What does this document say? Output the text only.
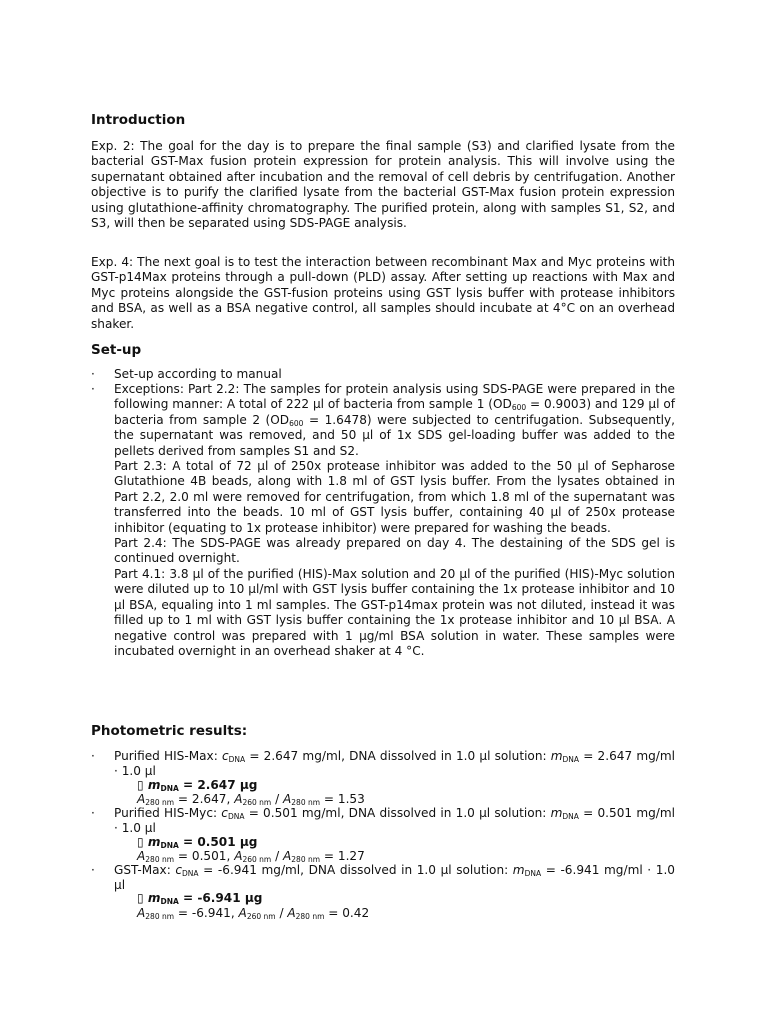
Introduction

Exp. 2: The goal for the day is to prepare the final sample (S3) and clarified lysate from the bacterial GST-Max fusion protein expression for protein analysis. This will involve using the supernatant obtained after incubation and the removal of cell debris by centrifugation. Another objective is to purify the clarified lysate from the bacterial GST-Max fusion protein expression using glutathione-affinity chromatography. The purified protein, along with samples S1, S2, and S3, will then be separated using SDS-PAGE analysis.

Exp. 4: The next goal is to test the interaction between recombinant Max and Myc proteins with GST-p14Max proteins through a pull-down (PLD) assay. After setting up reactions with Max and Myc proteins alongside the GST-fusion proteins using GST lysis buffer with protease inhibitors and BSA, as well as a BSA negative control, all samples should incubate at 4°C on an overhead shaker.

Set-up
· Set-up according to manual
· Exceptions: Part 2.2: The samples for protein analysis using SDS-PAGE were prepared in the following manner: A total of 222 µl of bacteria from sample 1 $(OD_{600} = 0.9003)$ and 129 µl of bacteria from sample 2 $(OD_{600} = 1.6478)$ were subjected to centrifugation. Subsequently, the supernatant was removed, and 50 µl of 1x SDS gel-loading buffer was added to the pellets derived from samples S1 and S2.
Part 2.3: A total of 72 µl of 250x protease inhibitor was added to the 50 µl of Sepharose Glutathione 4B beads, along with 1.8 ml of GST lysis buffer. From the lysates obtained in Part 2.2, 2.0 ml were removed for centrifugation, from which 1.8 ml of the supernatant was transferred into the beads. 10 ml of GST lysis buffer, containing 40 µl of 250x protease inhibitor (equating to 1x protease inhibitor) were prepared for washing the beads.
Part 2.4: The SDS-PAGE was already prepared on day 4. The destaining of the SDS gel is continued overnight.
Part 4.1: 3.8 µl of the purified (HIS)-Max solution and 20 µl of the purified (HIS)-Myc solution were diluted up to 10 µl/ml with GST lysis buffer containing the 1x protease inhibitor and 10 µl BSA, equaling into 1 ml samples. The GST-p14max protein was not diluted, instead it was filled up to 1 ml with GST lysis buffer containing the 1x protease inhibitor and 10 µl BSA. A negative control was prepared with 1 µg/ml BSA solution in water. These samples were incubated overnight in an overhead shaker at 4 °C.
Photometric results:
· Purified HIS-Max: $c_{DNA} = 2.647$ mg/ml, DNA dissolved in 1.0 µl solution: $m_{DNA} = 2.647$ mg/ml · 1.0 µl
▯ $m_{DNA} = 2.647$ µg
$A_{280 nm} = 2.647$, $A_{260 nm} / A_{280 nm} = 1.53$
· Purified HIS-Myc: $c_{DNA} = 0.501$ mg/ml, DNA dissolved in 1.0 µl solution: $m_{DNA} = 0.501$ mg/ml · 1.0 µl
▯ $m_{DNA} = 0.501$ µg
$A_{280 nm} = 0.501$, $A_{260 nm} / A_{280 nm} = 1.27$
· GST-Max: $c_{DNA} = -6.941$ mg/ml, DNA dissolved in 1.0 µl solution: $m_{DNA} = -6.941$ mg/ml · 1.0 µl
▯ $m_{DNA} = -6.941$ µg
$A_{280 nm} = -6.941$, $A_{260 nm} / A_{280 nm} = 0.42$
